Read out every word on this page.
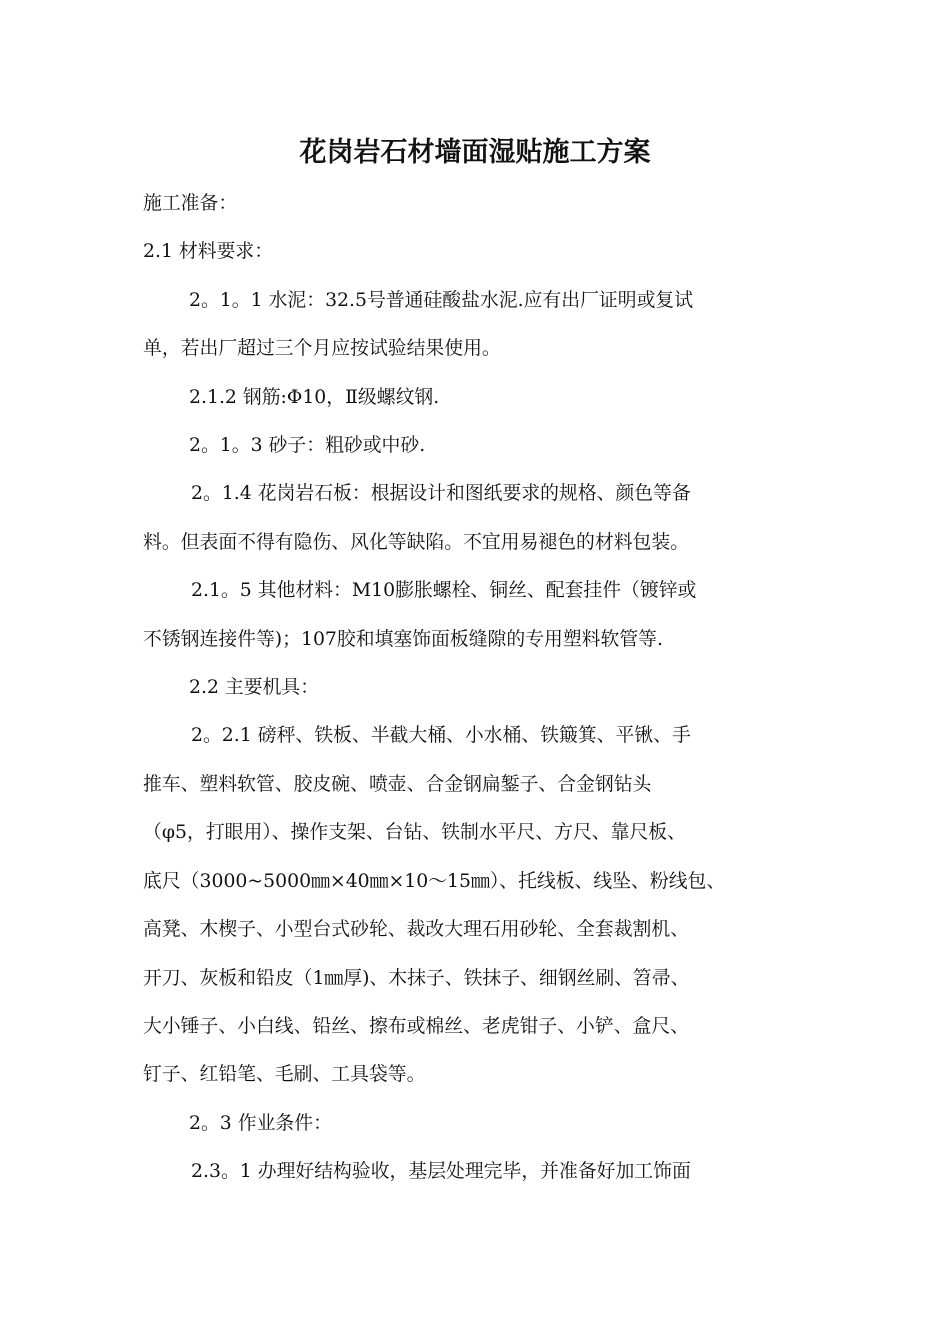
花岗岩石材墙面湿贴施工方案

施工准备：

2.1 材料要求：

2。1。1 水泥：32.5号普通硅酸盐水泥.应有出厂证明或复试

单，若出厂超过三个月应按试验结果使用。

2.1.2 钢筋:Φ10，Ⅱ级螺纹钢.

2。1。3 砂子：粗砂或中砂.

2。1.4 花岗岩石板：根据设计和图纸要求的规格、颜色等备

料。但表面不得有隐伤、风化等缺陷。不宜用易褪色的材料包装。

2.1。5 其他材料：M10膨胀螺栓、铜丝、配套挂件（镀锌或

不锈钢连接件等)；107胶和填塞饰面板缝隙的专用塑料软管等.

2.2 主要机具：

2。2.1 磅秤、铁板、半截大桶、小水桶、铁簸箕、平锹、手

推车、塑料软管、胶皮碗、喷壶、合金钢扁錾子、合金钢钻头

（φ5，打眼用）、操作支架、台钻、铁制水平尺、方尺、靠尺板、

底尺（3000~5000㎜×40㎜×10～15㎜）、托线板、线坠、粉线包、

高凳、木楔子、小型台式砂轮、裁改大理石用砂轮、全套裁割机、

开刀、灰板和铅皮（1㎜厚)、木抹子、铁抹子、细钢丝刷、笤帚、

大小锤子、小白线、铅丝、擦布或棉丝、老虎钳子、小铲、盒尺、

钉子、红铅笔、毛刷、工具袋等。

2。3 作业条件：

2.3。1 办理好结构验收，基层处理完毕，并准备好加工饰面
